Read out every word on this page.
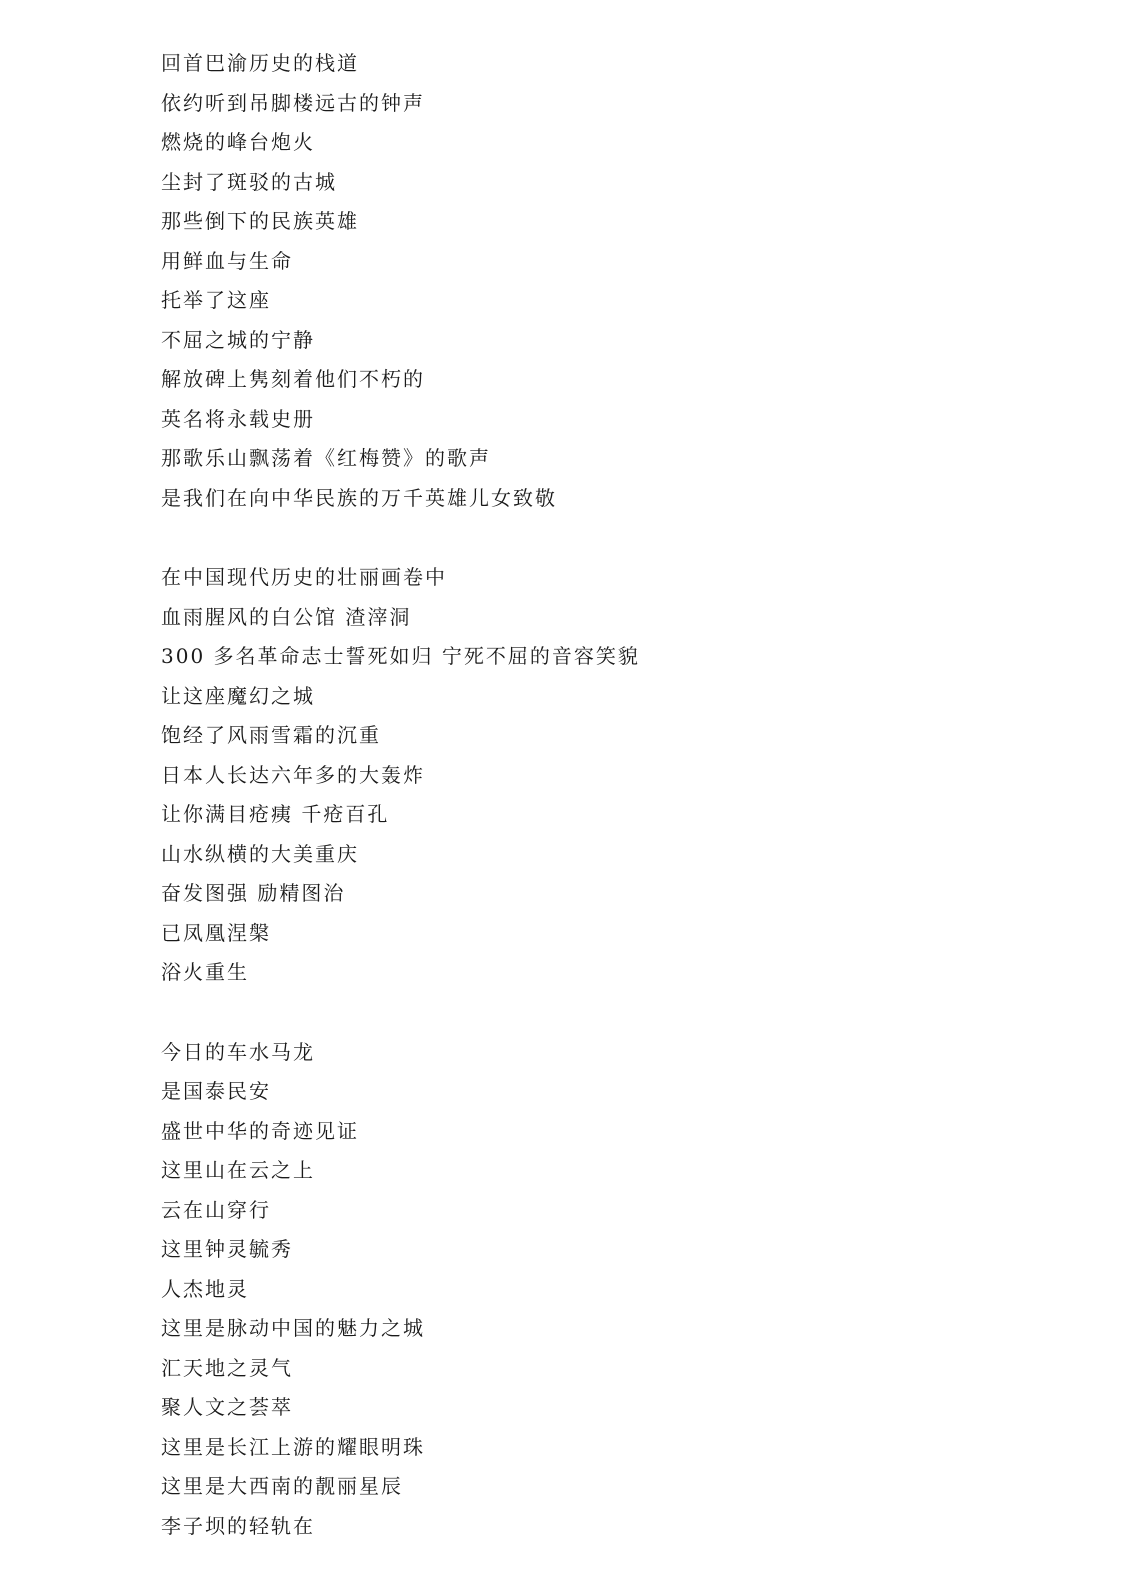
回首巴渝历史的栈道
依约听到吊脚楼远古的钟声
燃烧的峰台炮火
尘封了斑驳的古城
那些倒下的民族英雄
用鲜血与生命
托举了这座
不屈之城的宁静
解放碑上隽刻着他们不朽的
英名将永载史册
那歌乐山飘荡着《红梅赞》的歌声
是我们在向中华民族的万千英雄儿女致敬
在中国现代历史的壮丽画卷中
血雨腥风的白公馆 渣滓洞
300 多名革命志士誓死如归 宁死不屈的音容笑貌
让这座魔幻之城
饱经了风雨雪霜的沉重
日本人长达六年多的大轰炸
让你满目疮痍 千疮百孔
山水纵横的大美重庆
奋发图强 励精图治
已凤凰涅槃
浴火重生
今日的车水马龙
是国泰民安
盛世中华的奇迹见证
这里山在云之上
云在山穿行
这里钟灵毓秀
人杰地灵
这里是脉动中国的魅力之城
汇天地之灵气
聚人文之荟萃
这里是长江上游的耀眼明珠
这里是大西南的靓丽星辰
李子坝的轻轨在
